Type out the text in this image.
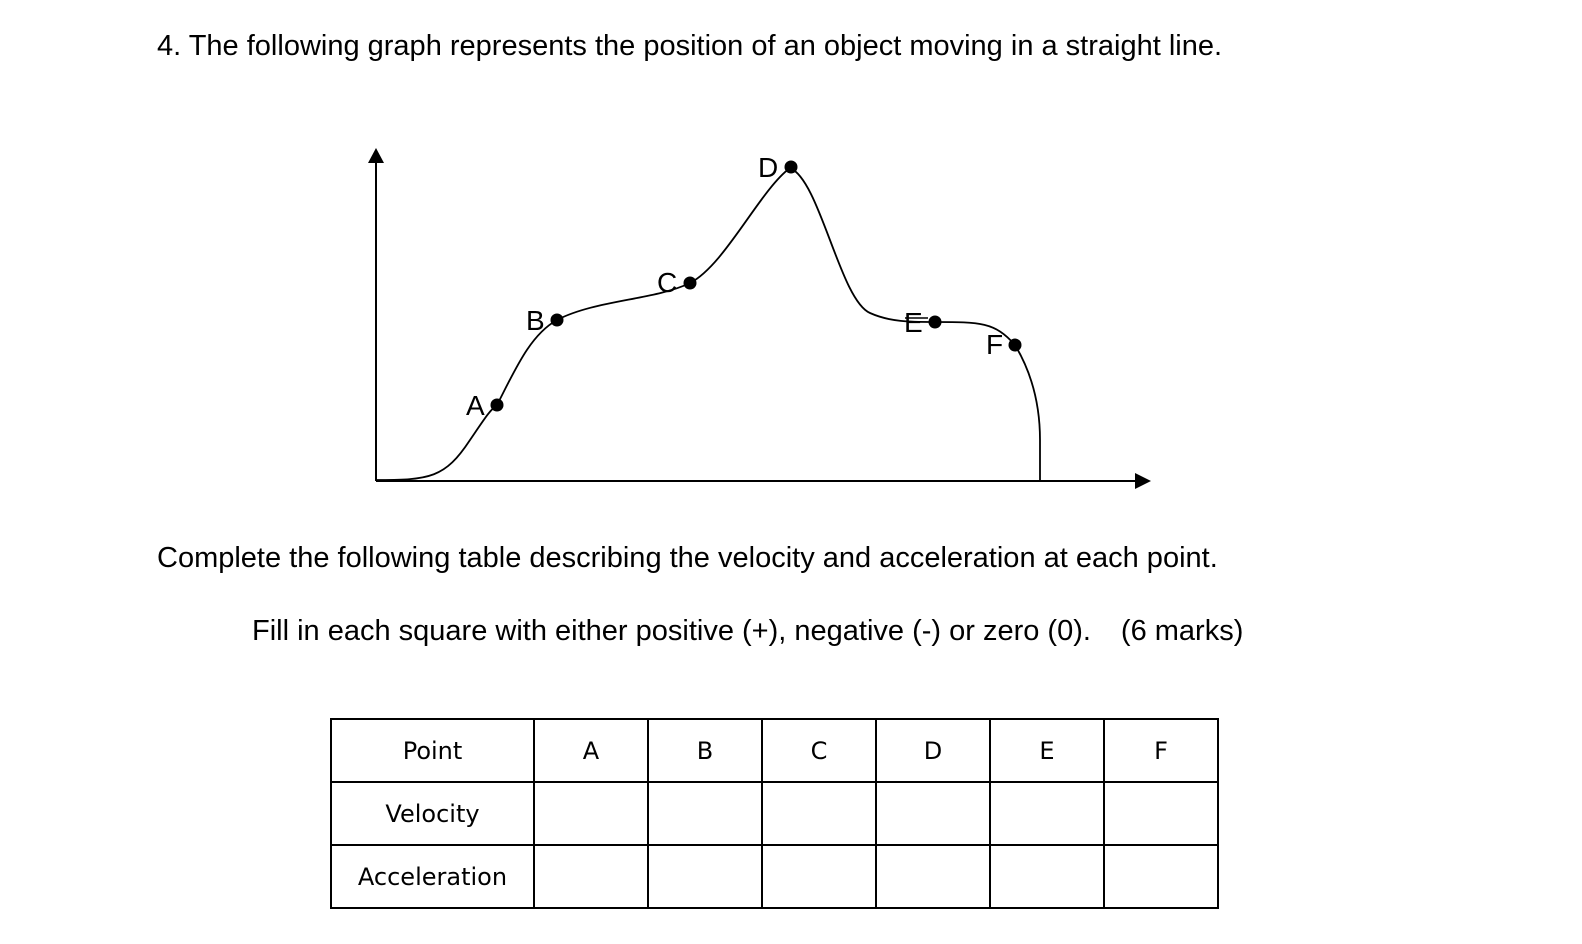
4. The following graph represents the position of an object moving in a straight line.
A
B
C
D
E
F
Complete the following table describing the velocity and acceleration at each point.
Fill in each square with either positive (+), negative (-) or zero (0). (6 marks)
Point	A	B	C	D	E	F
Velocity						
Acceleration						
